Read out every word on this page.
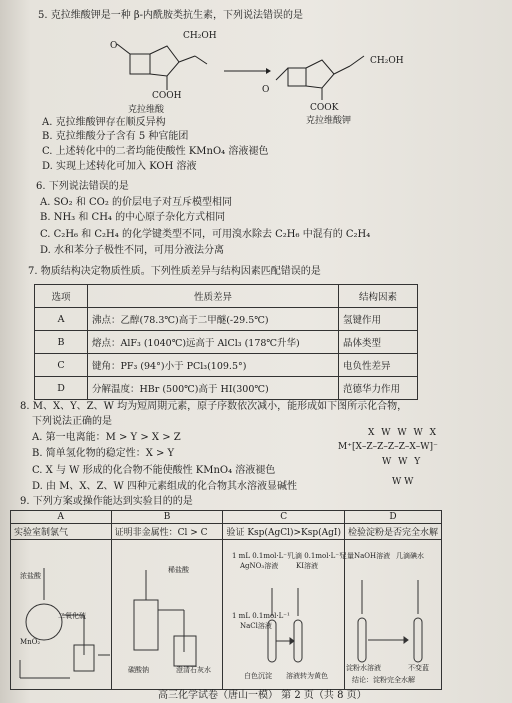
5. 克拉维酸钾是一种 β-内酰胺类抗生素，下列说法错误的是
CH₂OH
O
COOH
克拉维酸
CH₂OH
O
COOK
克拉维酸钾
A. 克拉维酸钾存在顺反异构
B. 克拉维酸分子含有 5 种官能团
C. 上述转化中的二者均能使酸性 KMnO₄ 溶液褪色
D. 实现上述转化可加入 KOH 溶液
6. 下列说法错误的是
A. SO₂ 和 CO₂ 的价层电子对互斥模型相同
B. NH₃ 和 CH₄ 的中心原子杂化方式相同
C. C₂H₆ 和 C₂H₄ 的化学键类型不同，可用溴水除去 C₂H₆ 中混有的 C₂H₄
D. 水和苯分子极性不同，可用分液法分离
7. 物质结构决定物质性质。下列性质差异与结构因素匹配错误的是
选项	性质差异	结构因素
A	沸点：乙醇(78.3℃)高于二甲醚(-29.5℃)	氢键作用
B	熔点：AlF₃ (1040℃)远高于 AlCl₃ (178℃升华)	晶体类型
C	键角：PF₃ (94°)小于 PCl₃(109.5°)	电负性差异
D	分解温度：HBr (500℃)高于 HI(300℃)	范德华力作用
8. M、X、Y、Z、W 均为短周期元素，原子序数依次减小，能形成如下图所示化合物，
下列说法正确的是
A. 第一电离能：M > Y > X > Z
B. 简单氢化物的稳定性：X > Y
C. X 与 W 形成的化合物不能使酸性 KMnO₄ 溶液褪色
D. 由 M、X、Z、W 四种元素组成的化合物其水溶液显碱性
X W W W X
M⁺[X–Z–Z–Z–Z–X–W]⁻
W W Y
W W
9. 下列方案或操作能达到实验目的的是
A	B	C	D
实验室制氯气	证明非金属性：Cl > C	验证 Ksp(AgCl)>Ksp(AgI)	检验淀粉是否完全水解

浓盐酸
MnO₂
二氧化硫
稀盐酸
碳酸钠	澄清石灰水
1 mL 0.1mol·L⁻¹
AgNO₃溶液
几滴 0.1mol·L⁻¹
KI溶液
1 mL 0.1mol·L⁻¹
NaCl溶液
白色沉淀 溶液转为黄色
足量NaOH溶液 几滴碘水
淀粉水溶液	不变蓝
结论：淀粉完全水解
高三化学试卷（唐山一模） 第 2 页（共 8 页）
